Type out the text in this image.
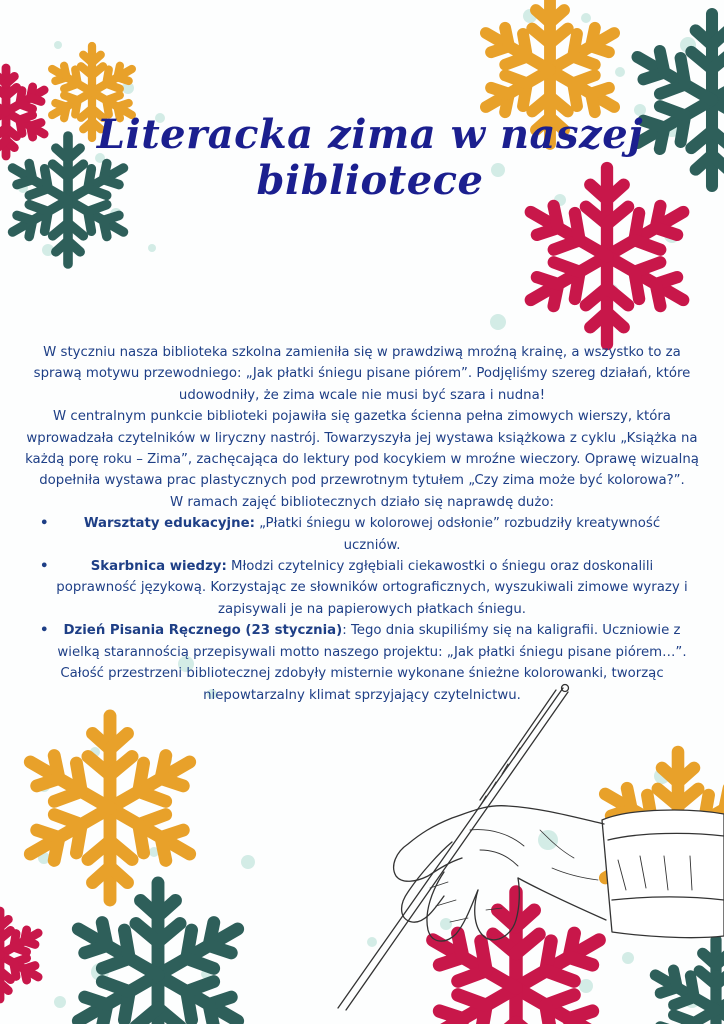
Literacka zima w naszej
bibliotece

W styczniu nasza biblioteka szkolna zamieniła się w prawdziwą mroźną krainę, a wszystko to za sprawą motywu przewodniego: „Jak płatki śniegu pisane piórem”. Podjęliśmy szereg działań, które udowodniły, że zima wcale nie musi być szara i nudna!

W centralnym punkcie biblioteki pojawiła się gazetka ścienna pełna zimowych wierszy, która wprowadzała czytelników w liryczny nastrój. Towarzyszyła jej wystawa książkowa z cyklu „Książka na każdą porę roku – Zima”, zachęcająca do lektury pod kocykiem w mroźne wieczory. Oprawę wizualną dopełniła wystawa prac plastycznych pod przewrotnym tytułem „Czy zima może być kolorowa?”.

W ramach zajęć bibliotecznych działo się naprawdę dużo:

• Warsztaty edukacyjne: „Płatki śniegu w kolorowej odsłonie” rozbudziły kreatywność uczniów.
• Skarbnica wiedzy: Młodzi czytelnicy zgłębiali ciekawostki o śniegu oraz doskonalili poprawność językową. Korzystając ze słowników ortograficznych, wyszukiwali zimowe wyrazy i zapisywali je na papierowych płatkach śniegu.
• Dzień Pisania Ręcznego (23 stycznia): Tego dnia skupiliśmy się na kaligrafii. Uczniowie z wielką starannością przepisywali motto naszego projektu: „Jak płatki śniegu pisane piórem…”.

Całość przestrzeni bibliotecznej zdobyły misternie wykonane śnieżne kolorowanki, tworząc niepowtarzalny klimat sprzyjający czytelnictwu.
